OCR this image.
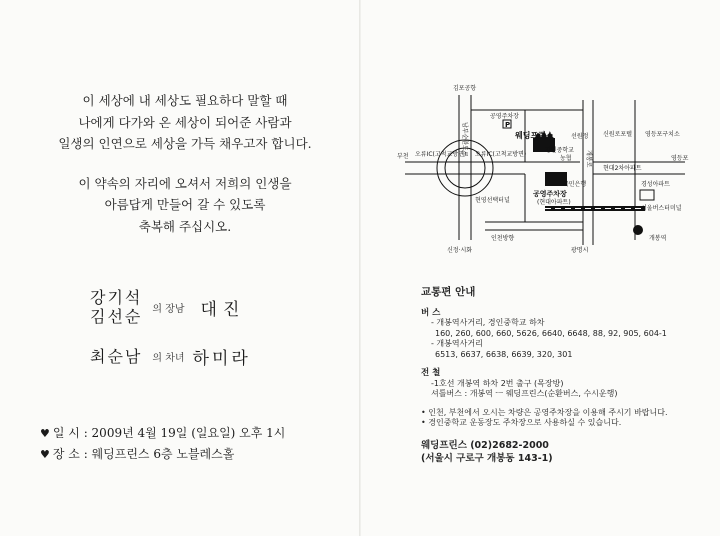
이 세상에 내 세상도 필요하다 말할 때
나에게 다가와 온 세상이 되어준 사람과
일생의 인연으로 세상을 가득 채우고자 합니다.
이 약속의 자리에 오셔서 저희의 인생을
아름답게 만들어 갈 수 있도록
축복해 주십시오.
강기석
김선순 의 장남 대진
최순남 의 차녀 하미라
♥ 일 시 : 2009년 4월 19일 (일요일) 오후 1시
♥ 장 소 : 웨딩프린스 6층 노블레스홀
P
김포공항
공영주차장
웨딩프린스
부천 오류IC(고척교방면) 오류IC(고척교방면)
경인중학교
농협
선원정
공영주차장
(현대아파트)
국민은행
현영선택터널
인천방향
신정·시화	광명시
개봉역
신원로포텔 영등포구치소
현대2차아파트
경성아파트
서울버스터미널
영등포
남부순환도로
개봉로
교통편 안내
버 스
- 개봉역사거리, 경인중학교 하차
160, 260, 600, 660, 5626, 6640, 6648, 88, 92, 905, 604-1
- 개봉역사거리
6513, 6637, 6638, 6639, 320, 301
전 철
-1호선 개봉역 하차 2번 출구 (목장방)
셔틀버스 : 개봉역 ㅡ 웨딩프린스(순환버스, 수시운행)
• 인천, 부천에서 오시는 차량은 공영주차장을 이용해 주시기 바랍니다.
• 경인중학교 운동장도 주차장으로 사용하실 수 있습니다.
웨딩프린스 (02)2682-2000
(서울시 구로구 개봉동 143-1)
